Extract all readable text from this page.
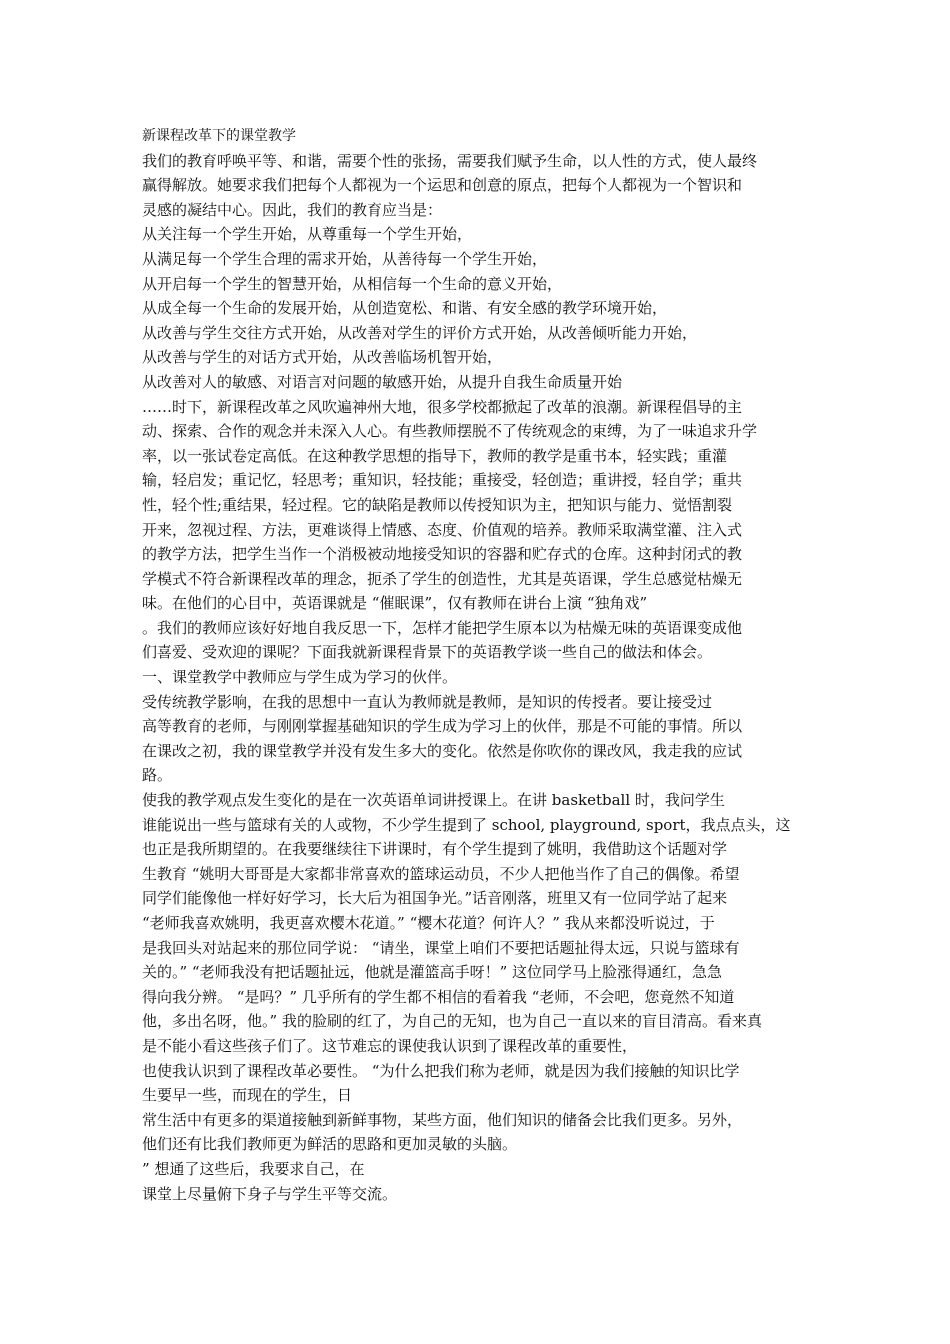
新课程改革下的课堂教学
我们的教育呼唤平等、和谐，需要个性的张扬，需要我们赋予生命，以人性的方式，使人最终
赢得解放。她要求我们把每个人都视为一个运思和创意的原点，把每个人都视为一个智识和
灵感的凝结中心。因此，我们的教育应当是：
从关注每一个学生开始，从尊重每一个学生开始，
从满足每一个学生合理的需求开始，从善待每一个学生开始，
从开启每一个学生的智慧开始，从相信每一个生命的意义开始，
从成全每一个生命的发展开始，从创造宽松、和谐、有安全感的教学环境开始，
从改善与学生交往方式开始，从改善对学生的评价方式开始，从改善倾听能力开始，
从改善与学生的对话方式开始，从改善临场机智开始，
从改善对人的敏感、对语言对问题的敏感开始，从提升自我生命质量开始
……时下，新课程改革之风吹遍神州大地，很多学校都掀起了改革的浪潮。新课程倡导的主
动、探索、合作的观念并未深入人心。有些教师摆脱不了传统观念的束缚，为了一味追求升学
率，以一张试卷定高低。在这种教学思想的指导下，教师的教学是重书本，轻实践；重灌
输，轻启发；重记忆，轻思考；重知识，轻技能；重接受，轻创造；重讲授，轻自学；重共
性，轻个性;重结果，轻过程。它的缺陷是教师以传授知识为主，把知识与能力、觉悟割裂
开来，忽视过程、方法，更难谈得上情感、态度、价值观的培养。教师采取满堂灌、注入式
的教学方法，把学生当作一个消极被动地接受知识的容器和贮存式的仓库。这种封闭式的教
学模式不符合新课程改革的理念，扼杀了学生的创造性，尤其是英语课，学生总感觉枯燥无
味。在他们的心目中，英语课就是 “催眠课”，仅有教师在讲台上演 “独角戏”
。我们的教师应该好好地自我反思一下，怎样才能把学生原本以为枯燥无味的英语课变成他
们喜爱、受欢迎的课呢？下面我就新课程背景下的英语教学谈一些自己的做法和体会。
一、课堂教学中教师应与学生成为学习的伙伴。
受传统教学影响，在我的思想中一直认为教师就是教师，是知识的传授者。要让接受过
高等教育的老师，与刚刚掌握基础知识的学生成为学习上的伙伴，那是不可能的事情。所以
在课改之初，我的课堂教学并没有发生多大的变化。依然是你吹你的课改风，我走我的应试
路。
使我的教学观点发生变化的是在一次英语单词讲授课上。在讲 basketball 时，我问学生
谁能说出一些与篮球有关的人或物，不少学生提到了 school, playground, sport，我点点头，这
也正是我所期望的。在我要继续往下讲课时，有个学生提到了姚明，我借助这个话题对学
生教育 “姚明大哥哥是大家都非常喜欢的篮球运动员，不少人把他当作了自己的偶像。希望
同学们能像他一样好好学习，长大后为祖国争光。”话音刚落，班里又有一位同学站了起来
“老师我喜欢姚明，我更喜欢樱木花道。” “樱木花道？何许人？” 我从来都没听说过，于
是我回头对站起来的那位同学说： “请坐，课堂上咱们不要把话题扯得太远，只说与篮球有
关的。” “老师我没有把话题扯远，他就是灌篮高手呀！” 这位同学马上脸涨得通红，急急
得向我分辨。 “是吗？” 几乎所有的学生都不相信的看着我 “老师，不会吧，您竟然不知道
他，多出名呀，他。” 我的脸刷的红了，为自己的无知，也为自己一直以来的盲目清高。看来真
是不能小看这些孩子们了。这节难忘的课使我认识到了课程改革的重要性，
也使我认识到了课程改革必要性。 “为什么把我们称为老师，就是因为我们接触的知识比学
生要早一些，而现在的学生，日
常生活中有更多的渠道接触到新鲜事物，某些方面，他们知识的储备会比我们更多。另外，
他们还有比我们教师更为鲜活的思路和更加灵敏的头脑。
” 想通了这些后，我要求自己，在
课堂上尽量俯下身子与学生平等交流。
